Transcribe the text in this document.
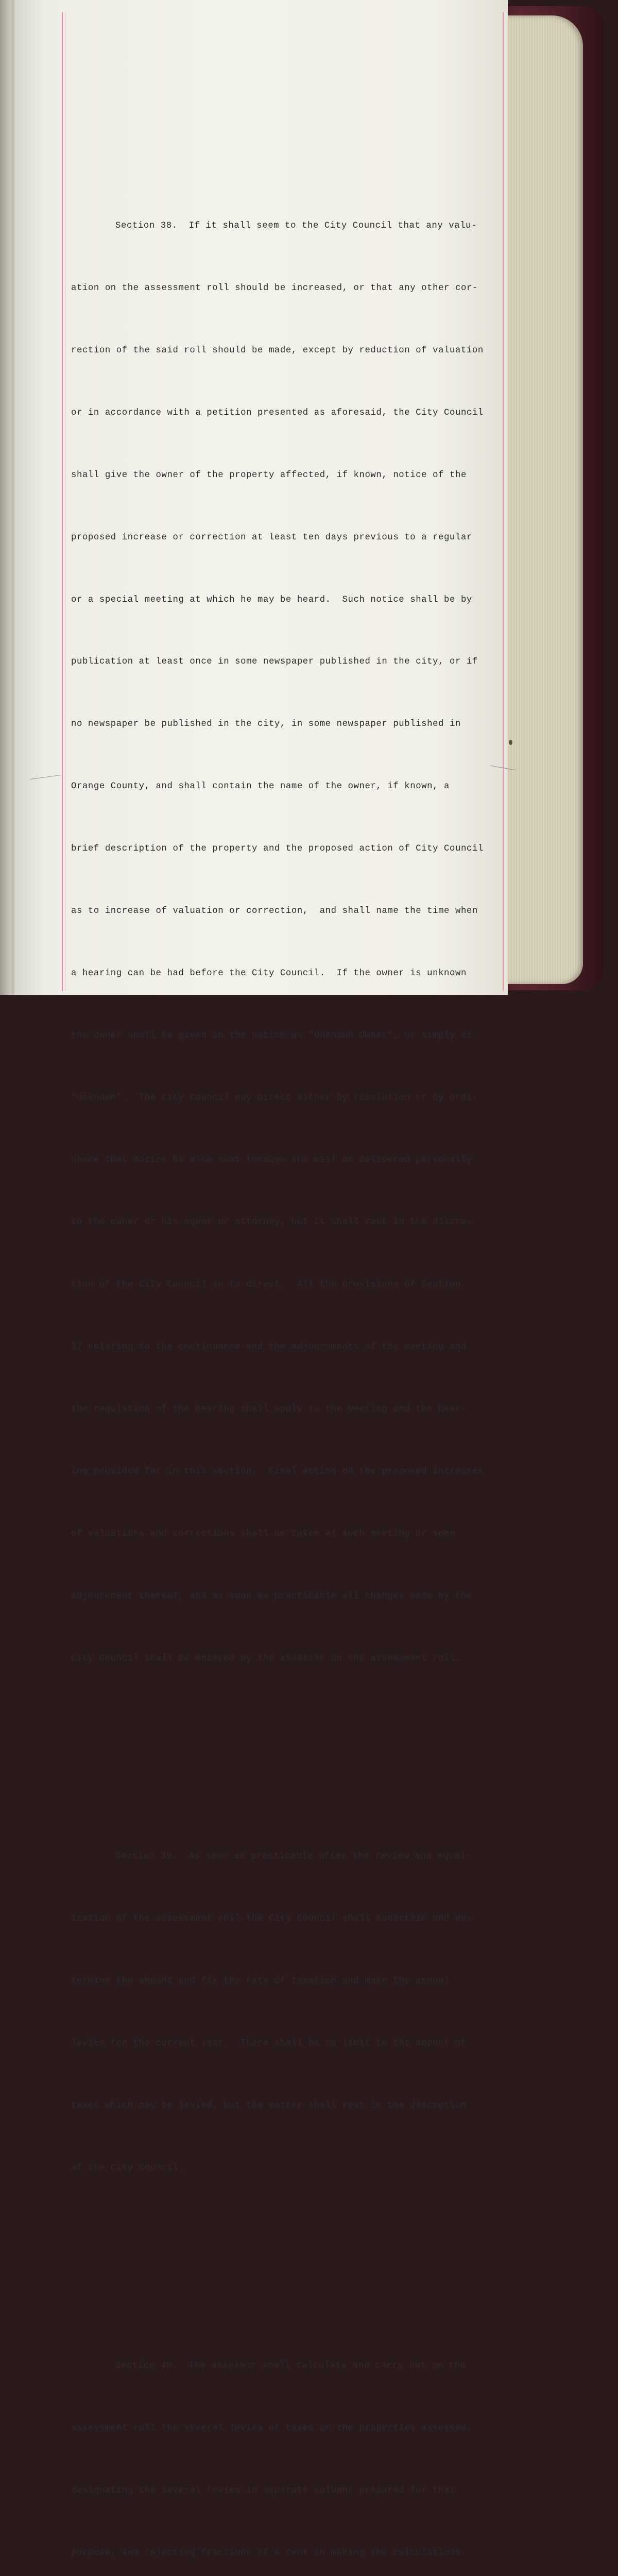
Section 38.  If it shall seem to the City Council that any valu-

ation on the assessment roll should be increased, or that any other cor-

rection of the said roll should be made, except by reduction of valuation

or in accordance with a petition presented as aforesaid, the City Council

shall give the owner of the property affected, if known, notice of the

proposed increase or correction at least ten days previous to a regular

or a special meeting at which he may be heard.  Such notice shall be by

publication at least once in some newspaper published in the city, or if

no newspaper be published in the city, in some newspaper published in

Orange County, and shall contain the name of the owner, if known, a

brief description of the property and the proposed action of City Council

as to increase of valuation or correction,  and shall name the time when

a hearing can be had before the City Council.  If the owner is unknown

the owner shall be given in the notice as "Unknown Owner", or simply as

"Unknown".  The City Council may direct either by resolution or by ordi-

nance that notice be also sent through the mail or delivered personally

to the owner or his agent or attorney, but it shall rest in the discre-

tion of the City Council so to direct.  All the provisions of Section

37 relating to the continuance and the adjournments of the meeting and

the regulation of the hearing shall apply to the meeting and the hear-

ing provided for in this section.  Final action on the proposed increases

of valuations and corrections shall be taken at such meeting or some

adjournment thereof, and as soon as practicable all changes made by the

City Council shall be entered by the assessor on the assessment roll.

Section 39.  As soon as practicable after the review and equal-

ization of the assessment roll the City Council shall ascertain and de-

termine the amount and fix the rate of taxation and make the annual

levies for the current year.  There shall be no limit to the amount of

taxes which may be levied, but the matter shall rest in the discretion

of the City Council.

Section 40.  The assessor shall calculate and carry out on the

assessment roll the several levies of taxes on the properties assessed,

designating the several levies in separate columns prepared for that

purpose, and rejecting fractions of a cent in making the calculations.
